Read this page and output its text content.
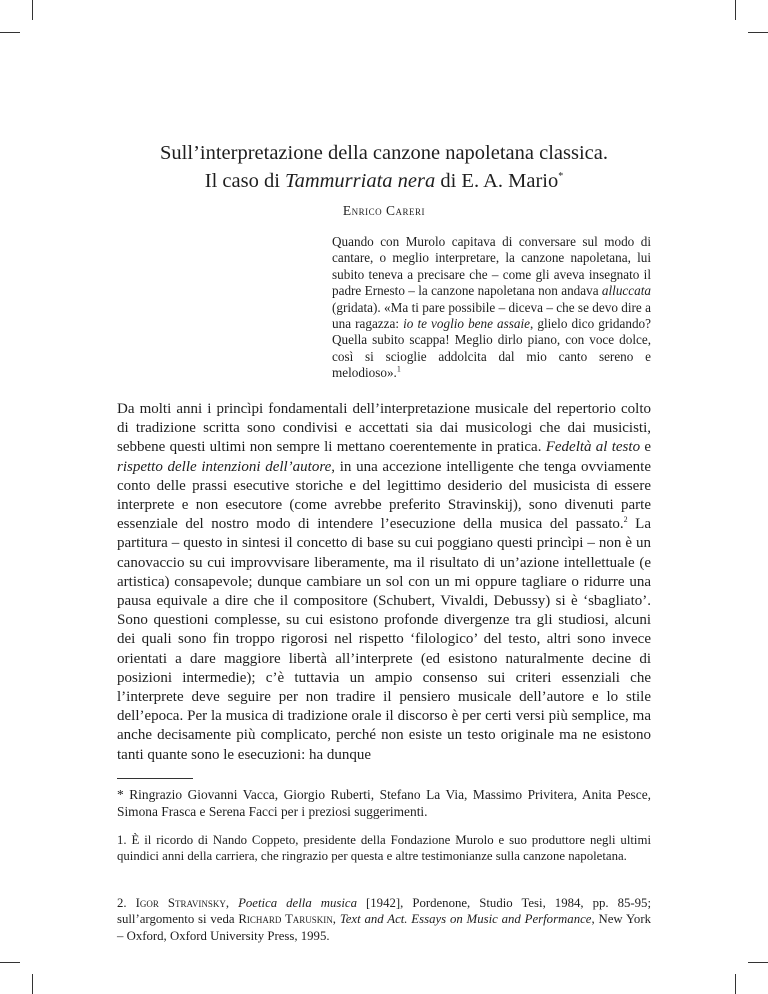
Sull’interpretazione della canzone napoletana classica.
Il caso di Tammurriata nera di E. A. Mario*
Enrico Careri

Quando con Murolo capitava di conversare sul modo di cantare, o meglio interpretare, la canzone napoletana, lui subito teneva a precisare che – come gli aveva insegnato il padre Ernesto – la canzone napoletana non andava alluccata (gridata). «Ma ti pare possibile – diceva – che se devo dire a una ragazza: io te voglio bene assaie, glielo dico gridando? Quella subito scappa! Meglio dirlo piano, con voce dolce, così si scioglie addolcita dal mio canto sereno e melodioso».$^1$

Da molti anni i princìpi fondamentali dell’interpretazione musicale del repertorio colto di tradizione scritta sono condivisi e accettati sia dai musicologi che dai musicisti, sebbene questi ultimi non sempre li mettano coerentemente in pratica. Fedeltà al testo e rispetto delle intenzioni dell’autore, in una accezione intelligente che tenga ovviamente conto delle prassi esecutive storiche e del legittimo desiderio del musicista di essere interprete e non esecutore (come avrebbe preferito Stravinskij), sono divenuti parte essenziale del nostro modo di intendere l’esecuzione della musica del passato.$^2$ La partitura – questo in sintesi il concetto di base su cui poggiano questi princìpi – non è un canovaccio su cui improvvisare liberamente, ma il risultato di un’azione intellettuale (e artistica) consapevole; dunque cambiare un sol con un mi oppure tagliare o ridurre una pausa equivale a dire che il compositore (Schubert, Vivaldi, Debussy) si è ‘sbagliato’. Sono questioni complesse, su cui esistono profonde divergenze tra gli studiosi, alcuni dei quali sono fin troppo rigorosi nel rispetto ‘filologico’ del testo, altri sono invece orientati a dare maggiore libertà all’interprete (ed esistono naturalmente decine di posizioni intermedie); c’è tuttavia un ampio consenso sui criteri essenziali che l’interprete deve seguire per non tradire il pensiero musicale dell’autore e lo stile dell’epoca. Per la musica di tradizione orale il discorso è per certi versi più semplice, ma anche decisamente più complicato, perché non esiste un testo originale ma ne esistono tanti quante sono le esecuzioni: ha dunque

* Ringrazio Giovanni Vacca, Giorgio Ruberti, Stefano La Via, Massimo Privitera, Anita Pesce, Simona Frasca e Serena Facci per i preziosi suggerimenti.

1. È il ricordo di Nando Coppeto, presidente della Fondazione Murolo e suo produttore negli ultimi quindici anni della carriera, che ringrazio per questa e altre testimonianze sulla canzone napoletana.

2. Igor Stravinsky, Poetica della musica [1942], Pordenone, Studio Tesi, 1984, pp. 85-95; sull’argomento si veda Richard Taruskin, Text and Act. Essays on Music and Performance, New York – Oxford, Oxford University Press, 1995.
